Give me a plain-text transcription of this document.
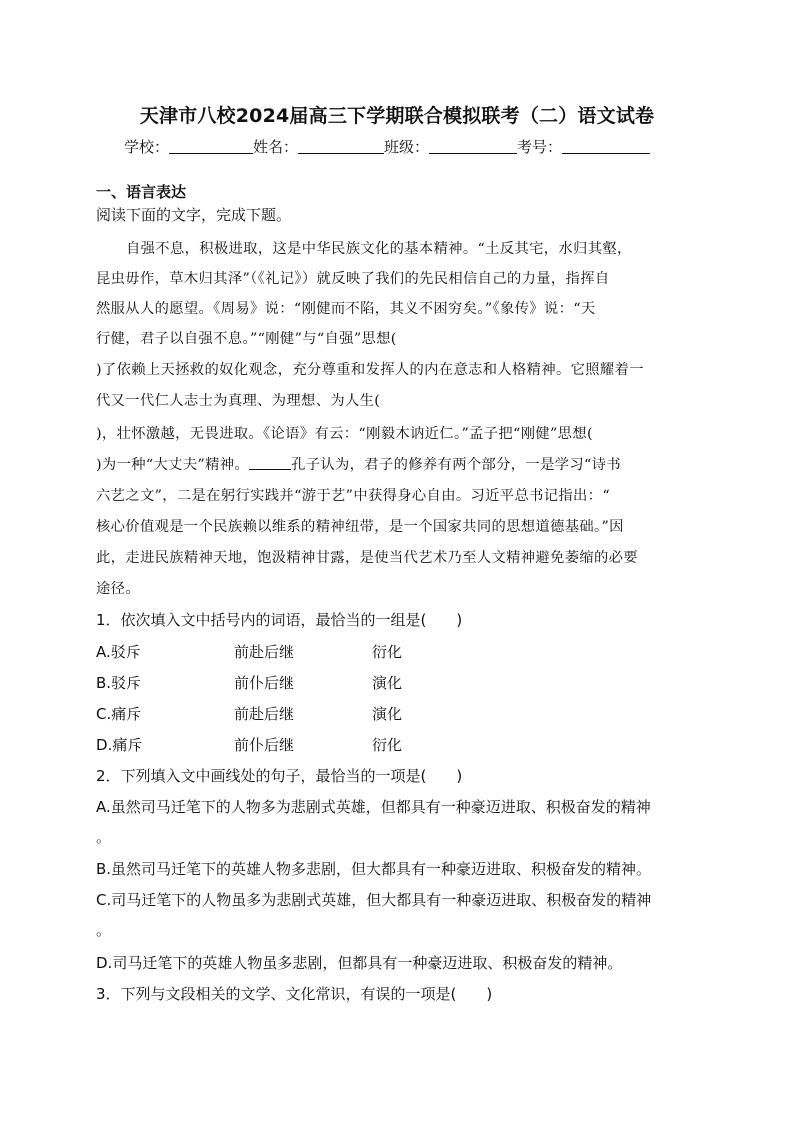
天津市八校2024届高三下学期联合模拟联考（二）语文试卷
学校：	姓名：	班级：	考号：
一、语言表达
阅读下面的文字，完成下题。
自强不息，积极进取，这是中华民族文化的基本精神。“土反其宅，水归其壑，
昆虫毋作，草木归其泽”（《礼记》）就反映了我们的先民相信自己的力量，指挥自
然服从人的愿望。《周易》说：“刚健而不陷，其义不困穷矣。”《象传》说：“天
行健，君子以自强不息。”“刚健”与“自强”思想(
)了依赖上天拯救的奴化观念，充分尊重和发挥人的内在意志和人格精神。它照耀着一
代又一代仁人志士为真理、为理想、为人生(
)，壮怀激越，无畏进取。《论语》有云：“刚毅木讷近仁。”孟子把“刚健”思想(
)为一种“大丈夫”精神。	孔子认为，君子的修养有两个部分，一是学习“诗书
六艺之文”，二是在躬行实践并“游于艺”中获得身心自由。习近平总书记指出：“
核心价值观是一个民族赖以维系的精神纽带，是一个国家共同的思想道德基础。”因
此，走进民族精神天地，饱汲精神甘露，是使当代艺术乃至人文精神避免萎缩的必要
途径。
1．依次填入文中括号内的词语，最恰当的一组是(　　)
A.驳斥	前赴后继	衍化
B.驳斥	前仆后继	演化
C.痛斥	前赴后继	演化
D.痛斥	前仆后继	衍化
2．下列填入文中画线处的句子，最恰当的一项是(　　)
A.虽然司马迁笔下的人物多为悲剧式英雄，但都具有一种豪迈进取、积极奋发的精神
。
B.虽然司马迁笔下的英雄人物多悲剧，但大都具有一种豪迈进取、积极奋发的精神。
C.司马迁笔下的人物虽多为悲剧式英雄，但大都具有一种豪迈进取、积极奋发的精神
。
D.司马迁笔下的英雄人物虽多悲剧，但都具有一种豪迈进取、积极奋发的精神。
3．下列与文段相关的文学、文化常识，有误的一项是(　　)
